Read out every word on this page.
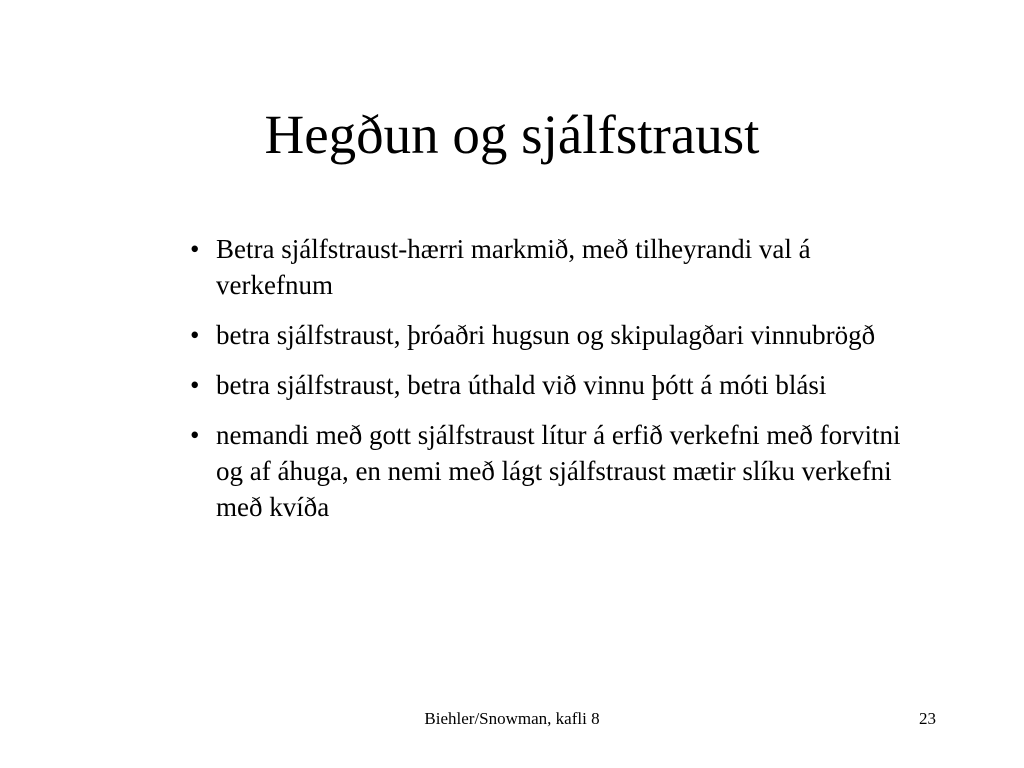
Hegðun og sjálfstraust
• Betra sjálfstraust-hærri markmið, með tilheyrandi val á verkefnum
• betra sjálfstraust, þróaðri hugsun og skipulagðari vinnubrögð
• betra sjálfstraust, betra úthald við vinnu þótt á móti blási
• nemandi með gott sjálfstraust lítur á erfið verkefni með forvitni og af áhuga, en nemi með lágt sjálfstraust mætir slíku verkefni með kvíða
Biehler/Snowman, kafli 8	23
